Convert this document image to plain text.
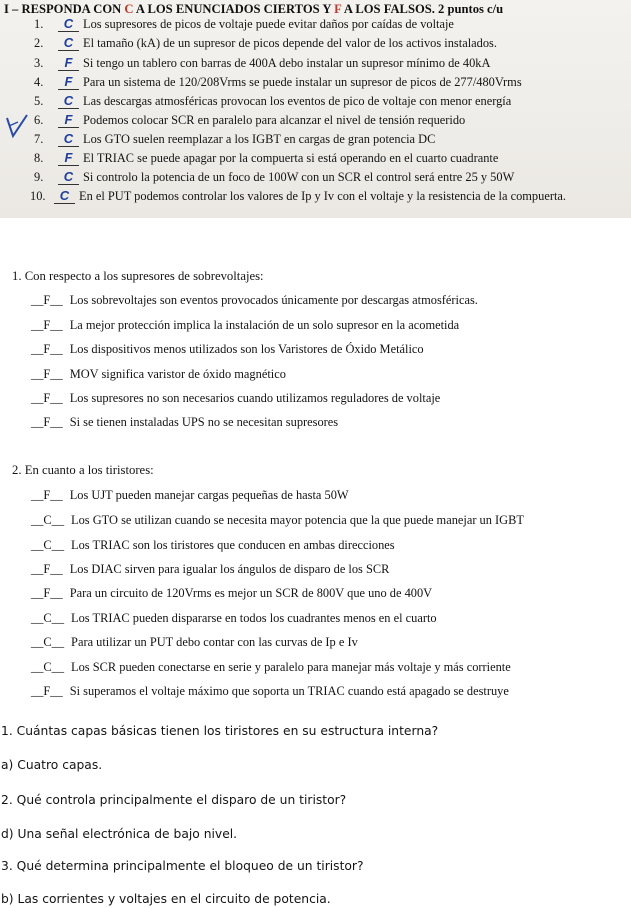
I – RESPONDA CON C A LOS ENUNCIADOS CIERTOS Y F A LOS FALSOS. 2 puntos c/u
1. C Los supresores de picos de voltaje puede evitar daños por caídas de voltaje
2. C El tamaño (kA) de un supresor de picos depende del valor de los activos instalados.
3. F Si tengo un tablero con barras de 400A debo instalar un supresor mínimo de 40kA
4. F Para un sistema de 120/208Vrms se puede instalar un supresor de picos de 277/480Vrms
5. C Las descargas atmosféricas provocan los eventos de pico de voltaje con menor energía
6. F Podemos colocar SCR en paralelo para alcanzar el nivel de tensión requerido
7. C Los GTO suelen reemplazar a los IGBT en cargas de gran potencia DC
8. F El TRIAC se puede apagar por la compuerta si está operando en el cuarto cuadrante
9. C Si controlo la potencia de un foco de 100W con un SCR el control será entre 25 y 50W
10. C En el PUT podemos controlar los valores de Ip y Iv con el voltaje y la resistencia de la compuerta.
1. Con respecto a los supresores de sobrevoltajes:
__F__ Los sobrevoltajes son eventos provocados únicamente por descargas atmosféricas.
__F__ La mejor protección implica la instalación de un solo supresor en la acometida
__F__ Los dispositivos menos utilizados son los Varistores de Óxido Metálico
__F__ MOV significa varistor de óxido magnético
__F__ Los supresores no son necesarios cuando utilizamos reguladores de voltaje
__F__ Si se tienen instaladas UPS no se necesitan supresores
2. En cuanto a los tiristores:
__F__ Los UJT pueden manejar cargas pequeñas de hasta 50W
__C__ Los GTO se utilizan cuando se necesita mayor potencia que la que puede manejar un IGBT
__C__ Los TRIAC son los tiristores que conducen en ambas direcciones
__F__ Los DIAC sirven para igualar los ángulos de disparo de los SCR
__F__ Para un circuito de 120Vrms es mejor un SCR de 800V que uno de 400V
__C__ Los TRIAC pueden dispararse en todos los cuadrantes menos en el cuarto
__C__ Para utilizar un PUT debo contar con las curvas de Ip e Iv
__C__ Los SCR pueden conectarse en serie y paralelo para manejar más voltaje y más corriente
__F__ Si superamos el voltaje máximo que soporta un TRIAC cuando está apagado se destruye
1. Cuántas capas básicas tienen los tiristores en su estructura interna?
a) Cuatro capas.
2. Qué controla principalmente el disparo de un tiristor?
d) Una señal electrónica de bajo nivel.
3. Qué determina principalmente el bloqueo de un tiristor?
b) Las corrientes y voltajes en el circuito de potencia.
